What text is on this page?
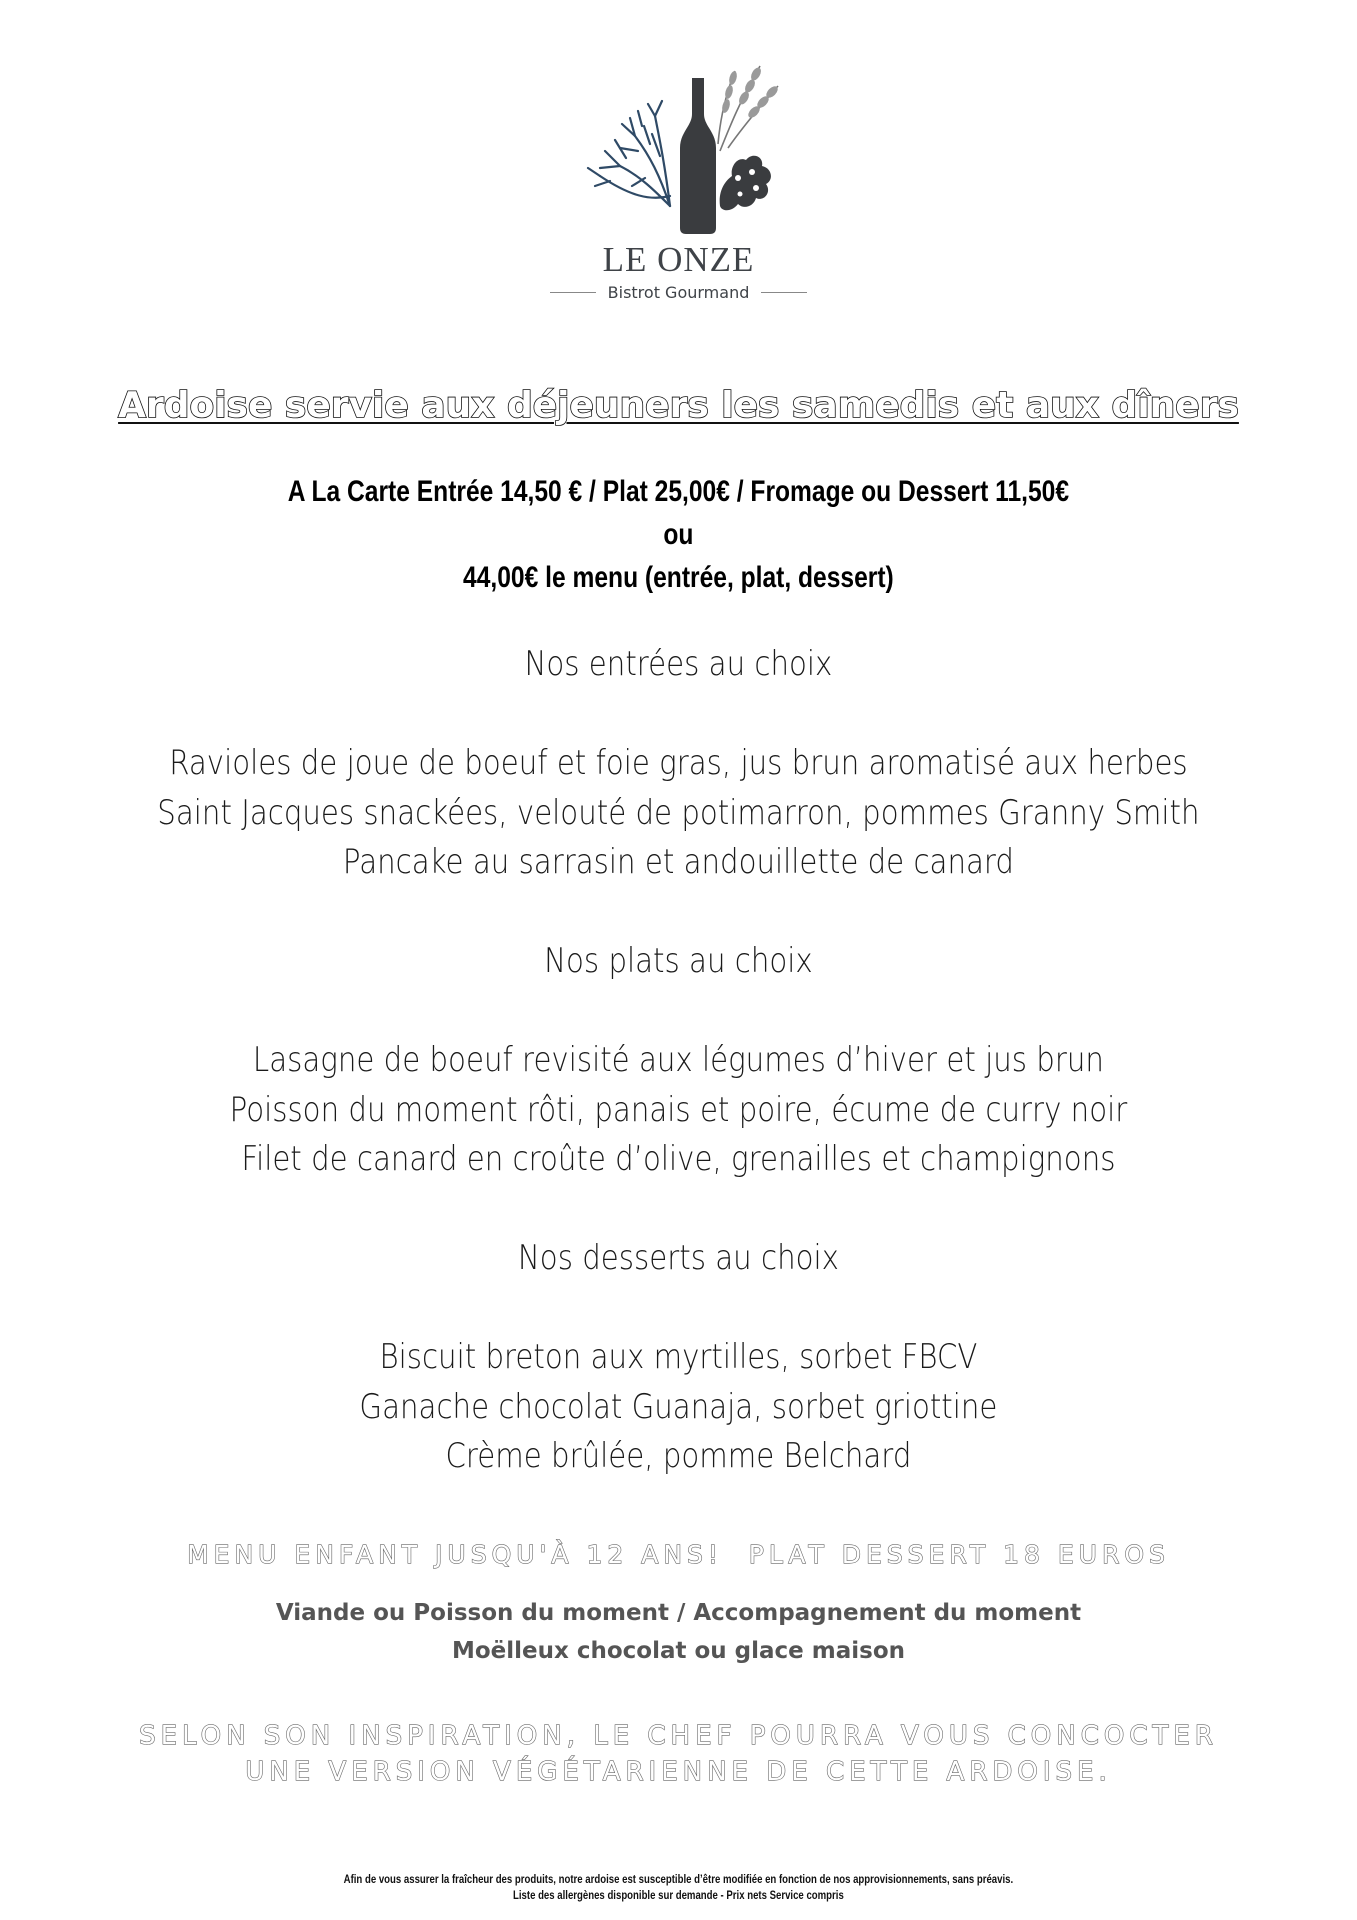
LE ONZE
Bistrot Gourmand
Ardoise servie aux déjeuners les samedis et aux dîners
A La Carte Entrée 14,50 € / Plat 25,00€ / Fromage ou Dessert 11,50€
ou
44,00€ le menu (entrée, plat, dessert)
Nos entrées au choix
Ravioles de joue de boeuf et foie gras, jus brun aromatisé aux herbes
Saint Jacques snackées, velouté de potimarron, pommes Granny Smith
Pancake au sarrasin et andouillette de canard
Nos plats au choix
Lasagne de boeuf revisité aux légumes d’hiver et jus brun
Poisson du moment rôti, panais et poire, écume de curry noir
Filet de canard en croûte d’olive, grenailles et champignons
Nos desserts au choix
Biscuit breton aux myrtilles, sorbet FBCV
Ganache chocolat Guanaja, sorbet griottine
Crème brûlée, pomme Belchard
MENU ENFANT JUSQU'À 12 ANS!  PLAT DESSERT 18 EUROS
Viande ou Poisson du moment / Accompagnement du moment
Moëlleux chocolat ou glace maison
SELON SON INSPIRATION, LE CHEF POURRA VOUS CONCOCTER
UNE VERSION VÉGÉTARIENNE DE CETTE ARDOISE.
Afin de vous assurer la fraîcheur des produits, notre ardoise est susceptible d’être modifiée en fonction de nos approvisionnements, sans préavis.
Liste des allergènes disponible sur demande - Prix nets Service compris
